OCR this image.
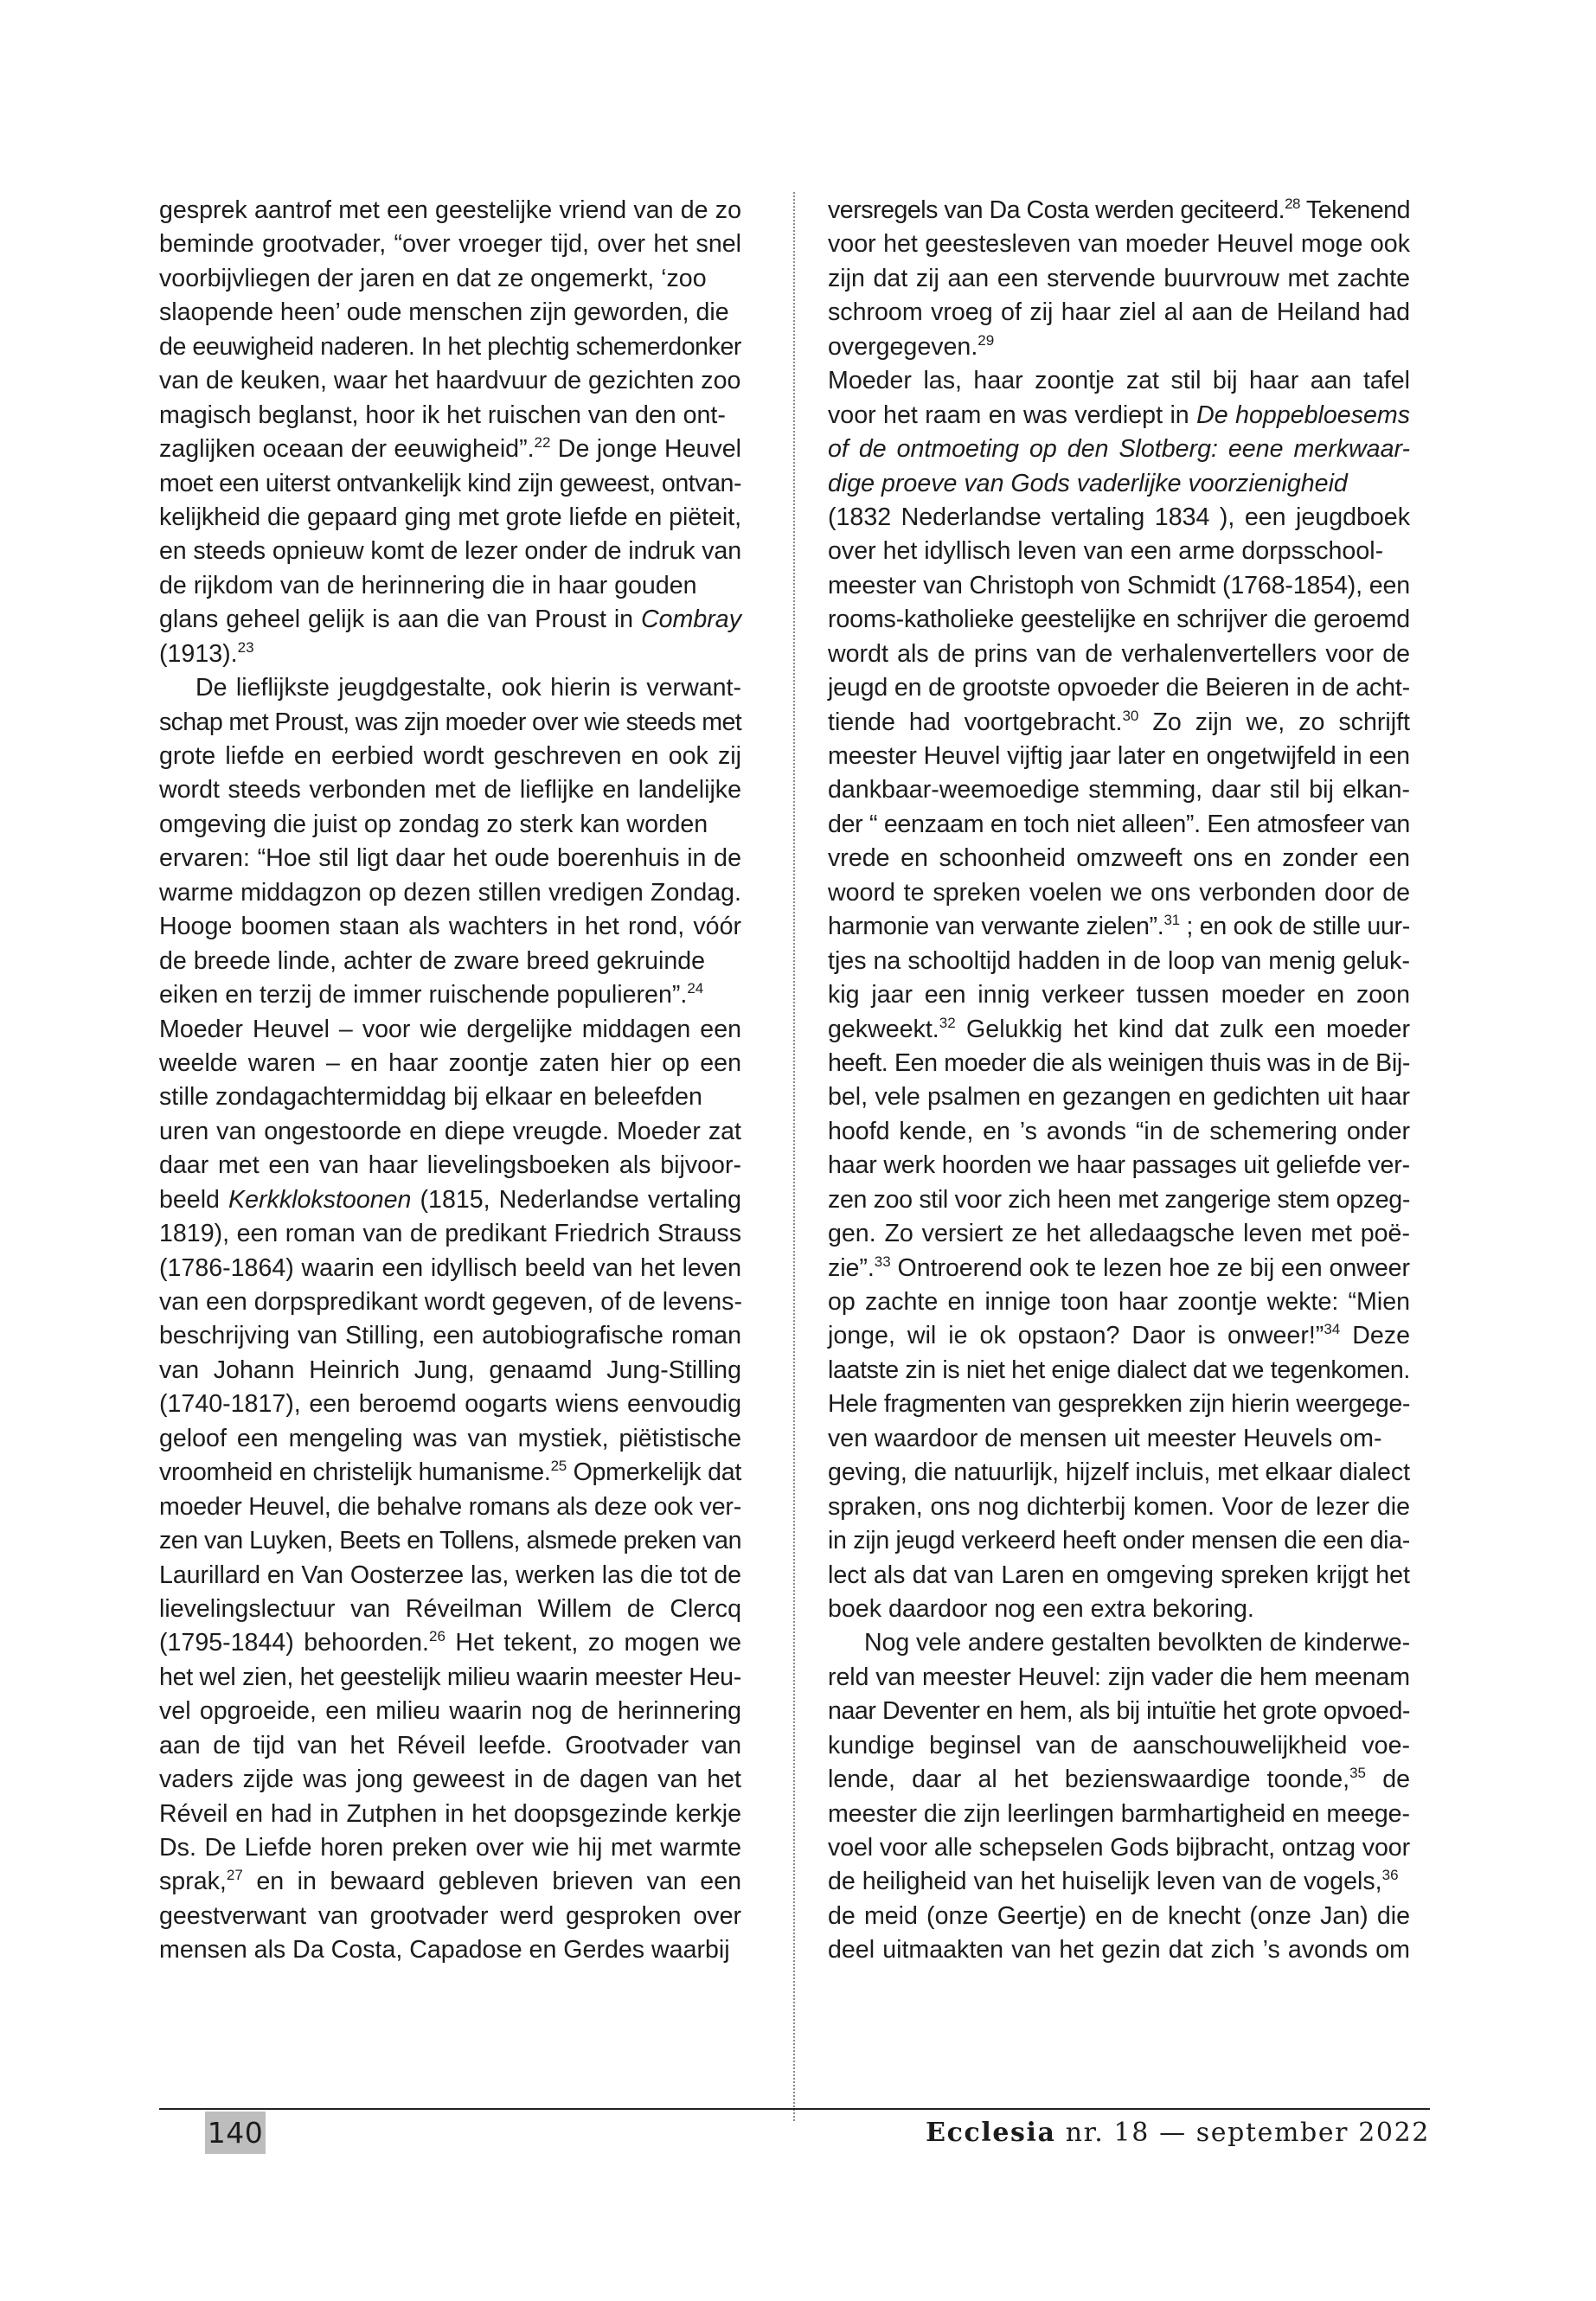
gesprek aantrof met een geestelijke vriend van de zo
beminde grootvader, “over vroeger tijd, over het snel
voorbijvliegen der jaren en dat ze ongemerkt, ‘zoo
slaopende heen’ oude menschen zijn geworden, die
de eeuwigheid naderen. In het plechtig schemerdonker
van de keuken, waar het haardvuur de gezichten zoo
magisch beglanst, hoor ik het ruischen van den ont-
zaglijken oceaan der eeuwigheid”.$^{22}$ De jonge Heuvel
moet een uiterst ontvankelijk kind zijn geweest, ontvan-
kelijkheid die gepaard ging met grote liefde en piëteit,
en steeds opnieuw komt de lezer onder de indruk van
de rijkdom van de herinnering die in haar gouden
glans geheel gelijk is aan die van Proust in Combray
(1913).$^{23}$
De lieflijkste jeugdgestalte, ook hierin is verwant-
schap met Proust, was zijn moeder over wie steeds met
grote liefde en eerbied wordt geschreven en ook zij
wordt steeds verbonden met de lieflijke en landelijke
omgeving die juist op zondag zo sterk kan worden
ervaren: “Hoe stil ligt daar het oude boerenhuis in de
warme middagzon op dezen stillen vredigen Zondag.
Hooge boomen staan als wachters in het rond, vóór
de breede linde, achter de zware breed gekruinde
eiken en terzij de immer ruischende populieren”.$^{24}$
Moeder Heuvel – voor wie dergelijke middagen een
weelde waren – en haar zoontje zaten hier op een
stille zondagachtermiddag bij elkaar en beleefden
uren van ongestoorde en diepe vreugde. Moeder zat
daar met een van haar lievelingsboeken als bijvoor-
beeld Kerkklokstoonen (1815, Nederlandse vertaling
1819), een roman van de predikant Friedrich Strauss
(1786-1864) waarin een idyllisch beeld van het leven
van een dorpspredikant wordt gegeven, of de levens-
beschrijving van Stilling, een autobiografische roman
van Johann Heinrich Jung, genaamd Jung-Stilling
(1740-1817), een beroemd oogarts wiens eenvoudig
geloof een mengeling was van mystiek, piëtistische
vroomheid en christelijk humanisme.$^{25}$ Opmerkelijk dat
moeder Heuvel, die behalve romans als deze ook ver-
zen van Luyken, Beets en Tollens, alsmede preken van
Laurillard en Van Oosterzee las, werken las die tot de
lievelingslectuur van Réveilman Willem de Clercq
(1795-1844) behoorden.$^{26}$ Het tekent, zo mogen we
het wel zien, het geestelijk milieu waarin meester Heu-
vel opgroeide, een milieu waarin nog de herinnering
aan de tijd van het Réveil leefde. Grootvader van
vaders zijde was jong geweest in de dagen van het
Réveil en had in Zutphen in het doopsgezinde kerkje
Ds. De Liefde horen preken over wie hij met warmte
sprak,$^{27}$ en in bewaard gebleven brieven van een
geestverwant van grootvader werd gesproken over
mensen als Da Costa, Capadose en Gerdes waarbij
versregels van Da Costa werden geciteerd.$^{28}$ Tekenend
voor het geestesleven van moeder Heuvel moge ook
zijn dat zij aan een stervende buurvrouw met zachte
schroom vroeg of zij haar ziel al aan de Heiland had
overgegeven.$^{29}$
Moeder las, haar zoontje zat stil bij haar aan tafel
voor het raam en was verdiept in De hoppebloesems
of de ontmoeting op den Slotberg: eene merkwaar-
dige proeve van Gods vaderlijke voorzienigheid
(1832 Nederlandse vertaling 1834 ), een jeugdboek
over het idyllisch leven van een arme dorpsschool-
meester van Christoph von Schmidt (1768-1854), een
rooms-katholieke geestelijke en schrijver die geroemd
wordt als de prins van de verhalenvertellers voor de
jeugd en de grootste opvoeder die Beieren in de acht-
tiende had voortgebracht.$^{30}$ Zo zijn we, zo schrijft
meester Heuvel vijftig jaar later en ongetwijfeld in een
dankbaar-weemoedige stemming, daar stil bij elkan-
der “ eenzaam en toch niet alleen”. Een atmosfeer van
vrede en schoonheid omzweeft ons en zonder een
woord te spreken voelen we ons verbonden door de
harmonie van verwante zielen”.$^{31}$ ; en ook de stille uur-
tjes na schooltijd hadden in de loop van menig geluk-
kig jaar een innig verkeer tussen moeder en zoon
gekweekt.$^{32}$ Gelukkig het kind dat zulk een moeder
heeft. Een moeder die als weinigen thuis was in de Bij-
bel, vele psalmen en gezangen en gedichten uit haar
hoofd kende, en ’s avonds “in de schemering onder
haar werk hoorden we haar passages uit geliefde ver-
zen zoo stil voor zich heen met zangerige stem opzeg-
gen. Zo versiert ze het alledaagsche leven met poë-
zie”.$^{33}$ Ontroerend ook te lezen hoe ze bij een onweer
op zachte en innige toon haar zoontje wekte: “Mien
jonge, wil ie ok opstaon? Daor is onweer!”$^{34}$ Deze
laatste zin is niet het enige dialect dat we tegenkomen.
Hele fragmenten van gesprekken zijn hierin weergege-
ven waardoor de mensen uit meester Heuvels om-
geving, die natuurlijk, hijzelf incluis, met elkaar dialect
spraken, ons nog dichterbij komen. Voor de lezer die
in zijn jeugd verkeerd heeft onder mensen die een dia-
lect als dat van Laren en omgeving spreken krijgt het
boek daardoor nog een extra bekoring.
Nog vele andere gestalten bevolkten de kinderwe-
reld van meester Heuvel: zijn vader die hem meenam
naar Deventer en hem, als bij intuïtie het grote opvoed-
kundige beginsel van de aanschouwelijkheid voe-
lende, daar al het bezienswaardige toonde,$^{35}$ de
meester die zijn leerlingen barmhartigheid en meege-
voel voor alle schepselen Gods bijbracht, ontzag voor
de heiligheid van het huiselijk leven van de vogels,$^{36}$
de meid (onze Geertje) en de knecht (onze Jan) die
deel uitmaakten van het gezin dat zich ’s avonds om
140	Ecclesia nr. 18 — september 2022
